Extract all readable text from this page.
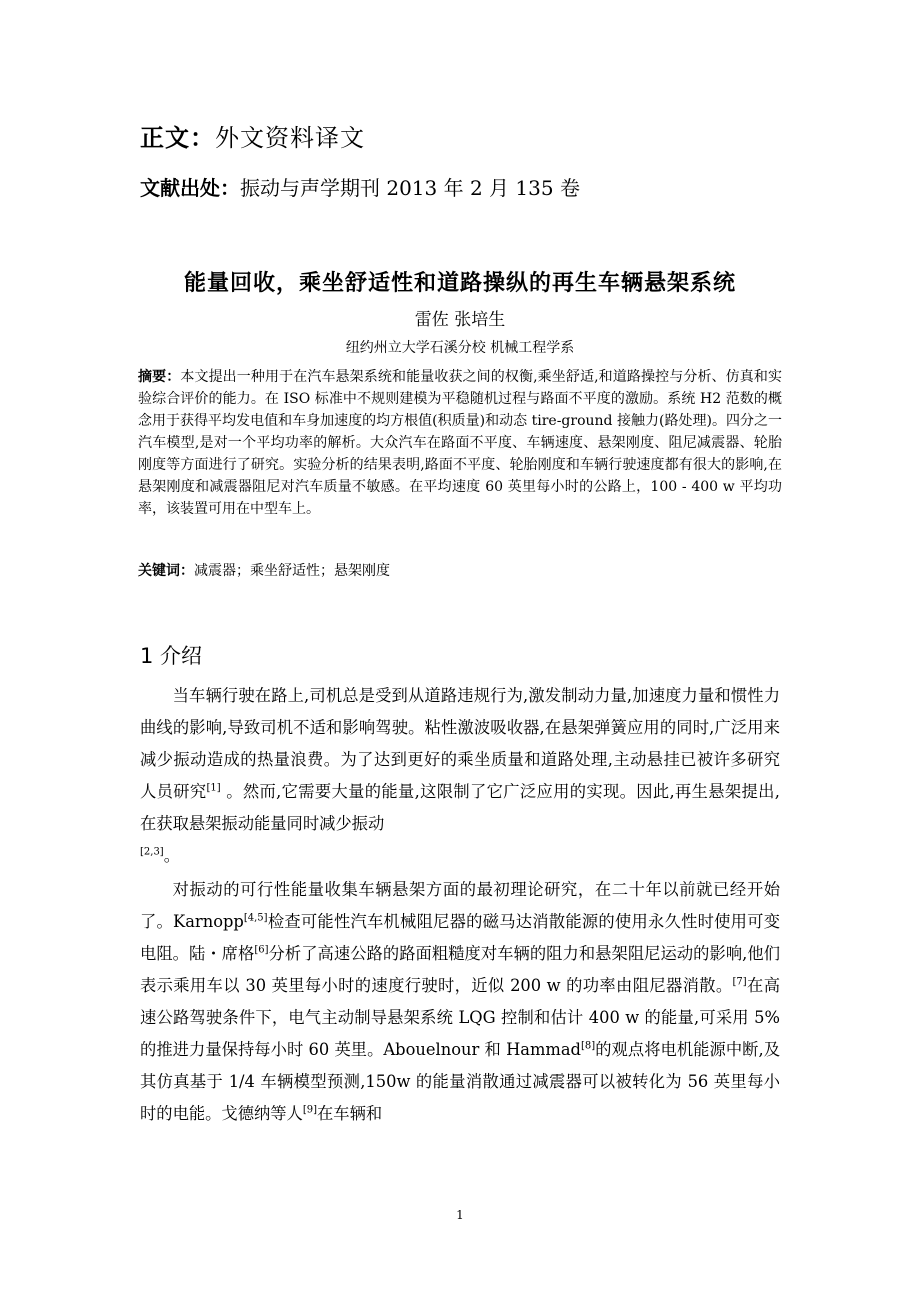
正文：外文资料译文
文献出处：振动与声学期刊 2013 年 2 月 135 卷
能量回收，乘坐舒适性和道路操纵的再生车辆悬架系统
雷佐 张培生
纽约州立大学石溪分校 机械工程学系
摘要：本文提出一种用于在汽车悬架系统和能量收获之间的权衡,乘坐舒适,和道路操控与分析、仿真和实验综合评价的能力。在 ISO 标准中不规则建模为平稳随机过程与路面不平度的激励。系统 H2 范数的概念用于获得平均发电值和车身加速度的均方根值(积质量)和动态 tire-ground 接触力(路处理)。四分之一汽车模型,是对一个平均功率的解析。大众汽车在路面不平度、车辆速度、悬架刚度、阻尼减震器、轮胎刚度等方面进行了研究。实验分析的结果表明,路面不平度、轮胎刚度和车辆行驶速度都有很大的影响,在悬架刚度和减震器阻尼对汽车质量不敏感。在平均速度 60 英里每小时的公路上，100 - 400 w 平均功率，该装置可用在中型车上。
关键词：减震器；乘坐舒适性；悬架刚度
1 介绍
当车辆行驶在路上,司机总是受到从道路违规行为,激发制动力量,加速度力量和惯性力曲线的影响,导致司机不适和影响驾驶。粘性激波吸收器,在悬架弹簧应用的同时,广泛用来减少振动造成的热量浪费。为了达到更好的乘坐质量和道路处理,主动悬挂已被许多研究人员研究[1] 。然而,它需要大量的能量,这限制了它广泛应用的实现。因此,再生悬架提出,在获取悬架振动能量同时减少振动
[2,3]。
对振动的可行性能量收集车辆悬架方面的最初理论研究，在二十年以前就已经开始了。Karnopp[4,5]检查可能性汽车机械阻尼器的磁马达消散能源的使用永久性时使用可变电阻。陆・席格[6]分析了高速公路的路面粗糙度对车辆的阻力和悬架阻尼运动的影响,他们表示乘用车以 30 英里每小时的速度行驶时，近似 200 w 的功率由阻尼器消散。[7]在高速公路驾驶条件下，电气主动制导悬架系统 LQG 控制和估计 400 w 的能量,可采用 5%的推进力量保持每小时 60 英里。Abouelnour 和 Hammad[8]的观点将电机能源中断,及其仿真基于 1/4 车辆模型预测,150w 的能量消散通过减震器可以被转化为 56 英里每小时的电能。戈德纳等人[9]在车辆和
1
